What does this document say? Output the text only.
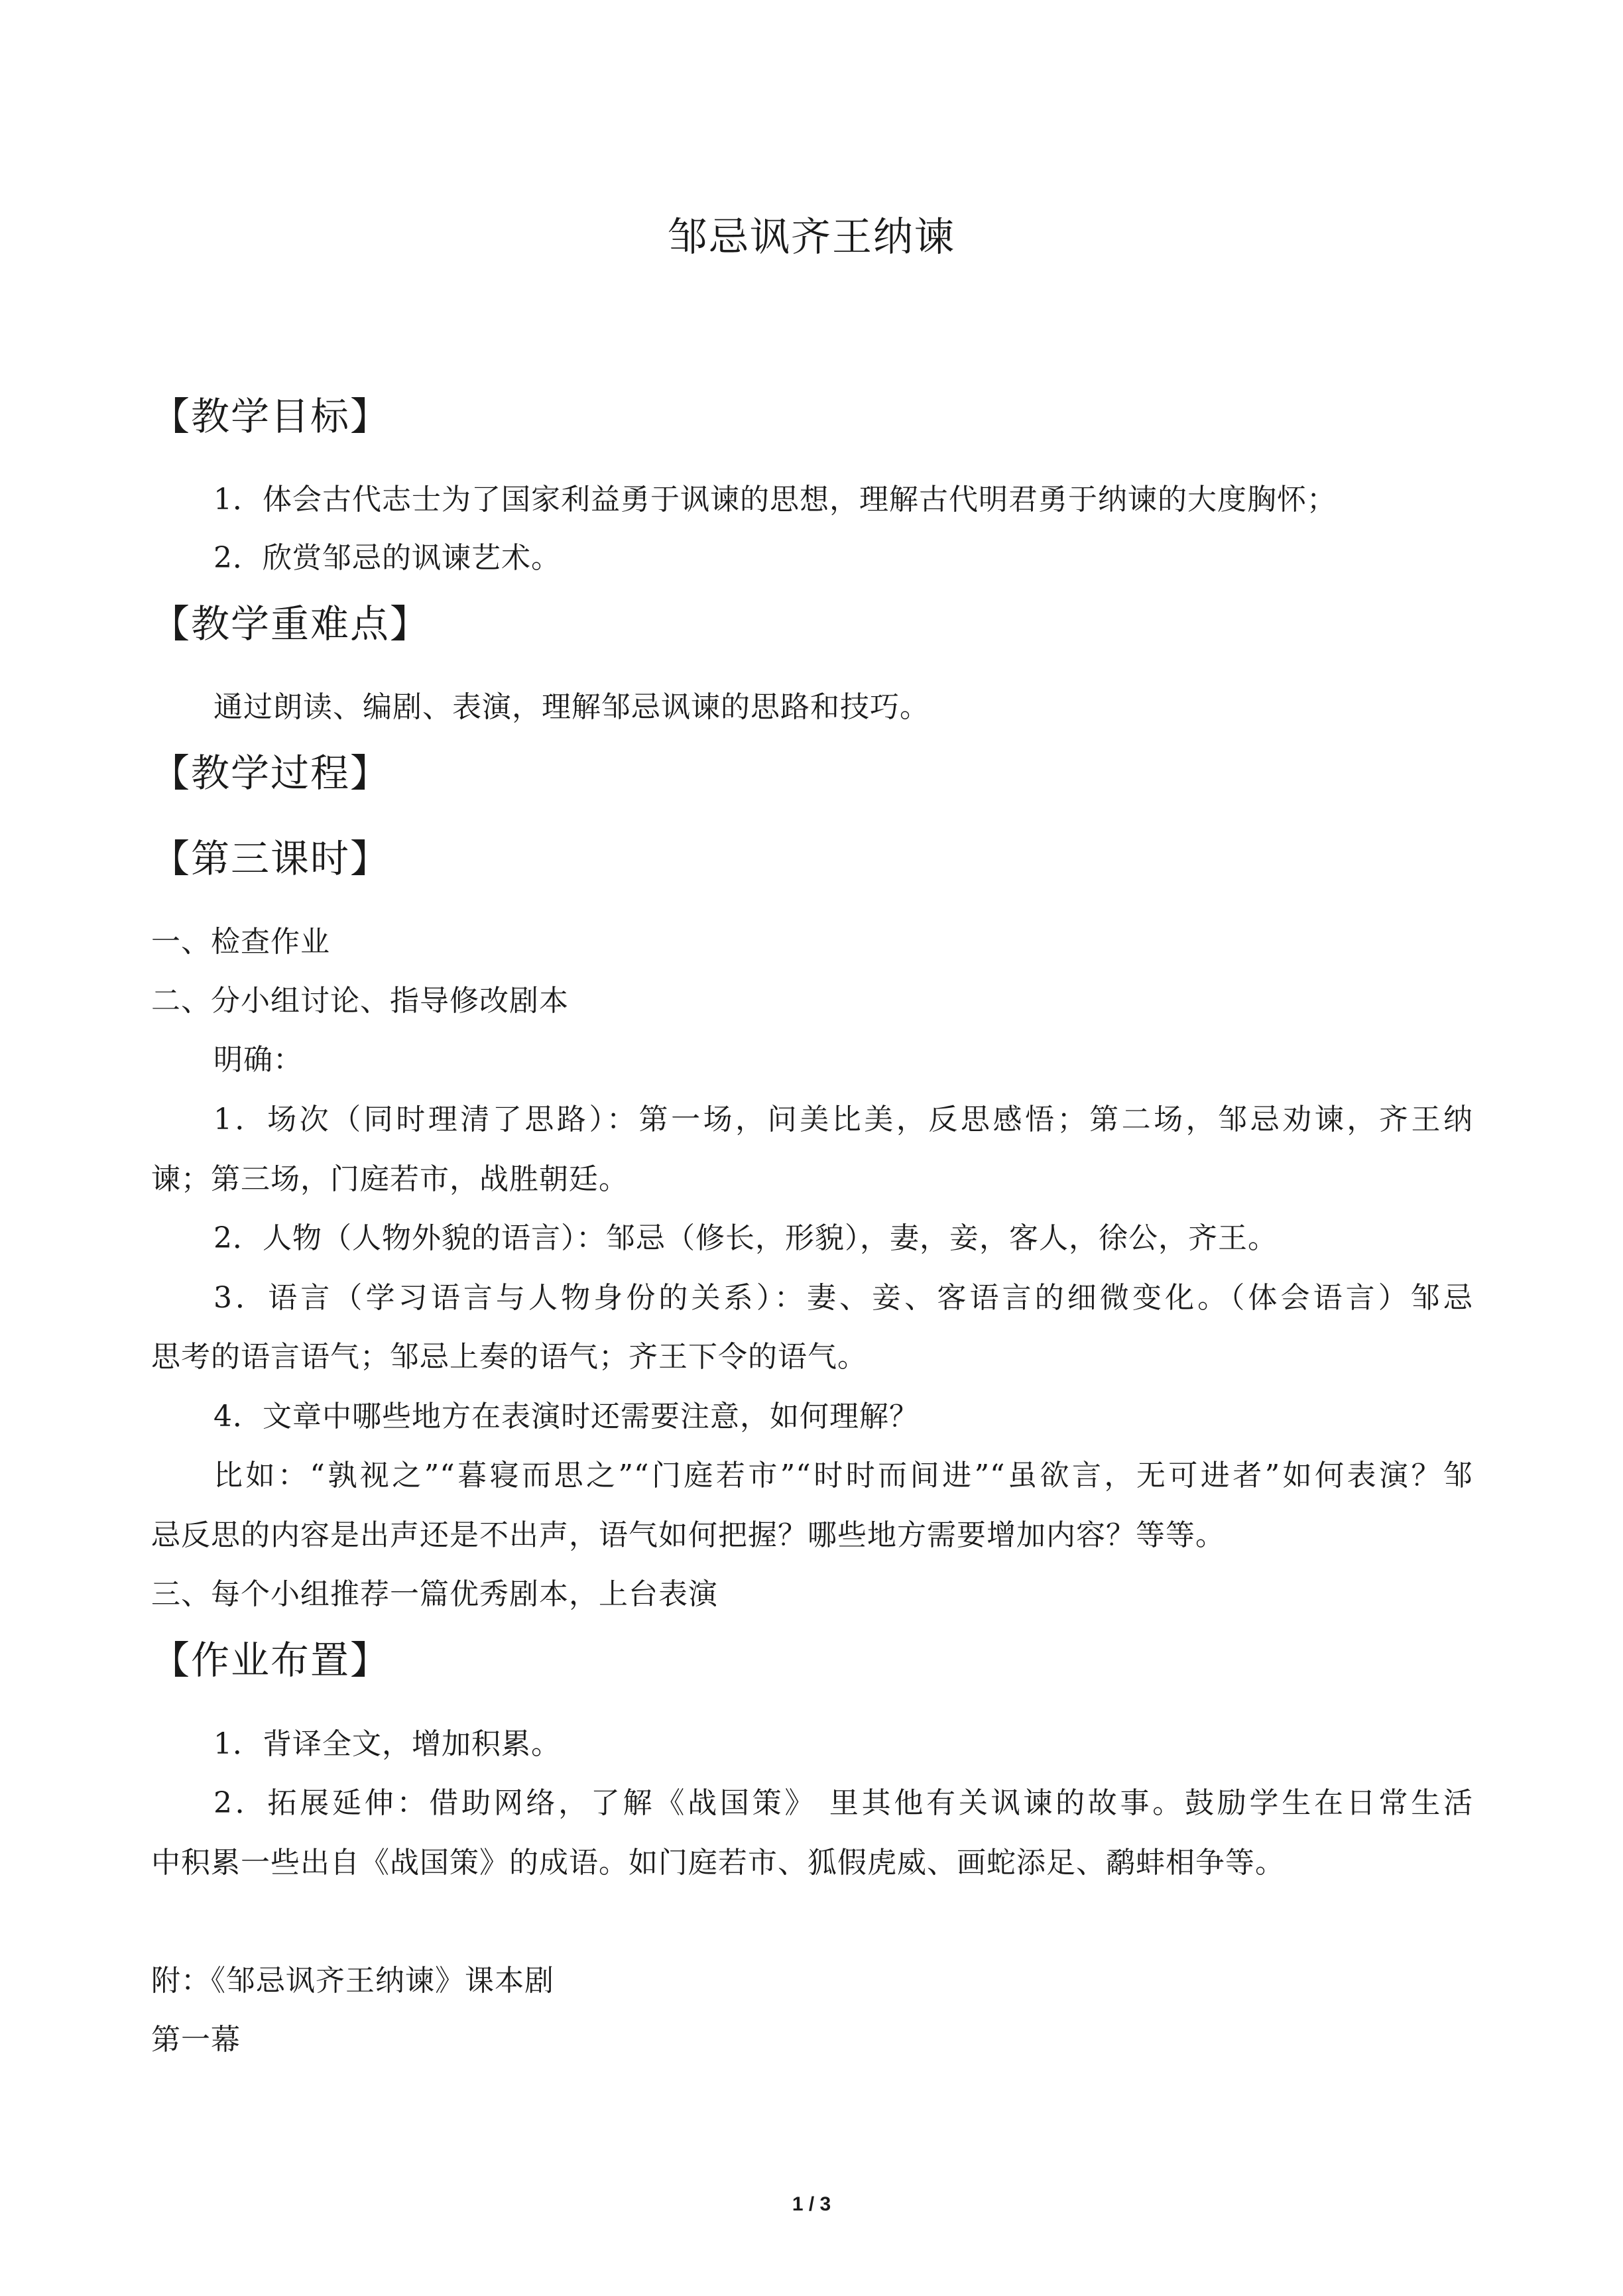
邹忌讽齐王纳谏
【教学目标】
1．体会古代志士为了国家利益勇于讽谏的思想，理解古代明君勇于纳谏的大度胸怀；
2．欣赏邹忌的讽谏艺术。
【教学重难点】
通过朗读、编剧、表演，理解邹忌讽谏的思路和技巧。
【教学过程】
【第三课时】
一、检查作业
二、分小组讨论、指导修改剧本
明确：
1．场次（同时理清了思路）：第一场，问美比美，反思感悟；第二场，邹忌劝谏，齐王纳
谏；第三场，门庭若市，战胜朝廷。
2．人物（人物外貌的语言）：邹忌（修长，形貌），妻，妾，客人，徐公，齐王。
3．语言（学习语言与人物身份的关系）：妻、妾、客语言的细微变化。（体会语言）邹忌
思考的语言语气；邹忌上奏的语气；齐王下令的语气。
4．文章中哪些地方在表演时还需要注意，如何理解？
比如：“孰视之”“暮寝而思之”“门庭若市”“时时而间进”“虽欲言，无可进者”如何表演？邹
忌反思的内容是出声还是不出声，语气如何把握？哪些地方需要增加内容？等等。
三、每个小组推荐一篇优秀剧本，上台表演
【作业布置】
1．背译全文，增加积累。
2．拓展延伸：借助网络，了解《战国策》 里其他有关讽谏的故事。鼓励学生在日常生活
中积累一些出自《战国策》的成语。如门庭若市、狐假虎威、画蛇添足、鹬蚌相争等。
附：《邹忌讽齐王纳谏》课本剧
第一幕
1 / 3
